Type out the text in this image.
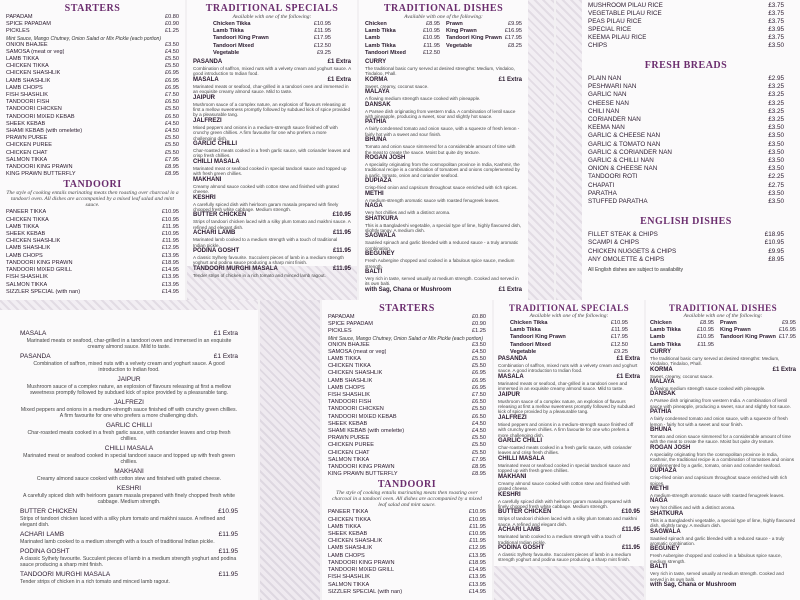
STARTERS
PAPADAM	£0.80
SPICE PAPADAM	£0.90
PICKLES	£1.25
Mint Sauce, Mango Chutney, Onion Salad or Mix Pickle (each portion)
ONION BHAJEE	£3.50
SAMOSA (meat or veg)	£4.50
LAMB TIKKA	£5.50
CHICKEN TIKKA	£5.50
CHICKEN SHASHLIK	£6.95
LAMB SHASHLIK	£6.95
LAMB CHOPS	£6.95
FISH SHASHLIK	£7.50
TANDOORI FISH	£6.50
TANDOORI CHICKEN	£5.50
TANDOORI MIXED KEBAB	£6.50
SHEEK KEBAB	£4.50
SHAMI KEBAB (with omelette)	£4.50
PRAWN PUREE	£5.50
CHICKEN PUREE	£5.50
CHICKEN CHAT	£5.50
SALMON TIKKA	£7.95
TANDOORI KING PRAWN	£8.95
KING PRAWN BUTTERFLY	£8.95
TANDOORI
The style of cooking entails marinating meats then roasting over charcoal in a tandoori oven. All dishes are accompanied by a mixed leaf salad and mint sauce.
PANEER TIKKA	£10.95
CHICKEN TIKKA	£10.95
LAMB TIKKA	£11.95
SHEEK KEBAB	£10.95
CHICKEN SHASHLIK	£11.95
LAMB SHASHLIK	£12.95
LAMB CHOPS	£13.95
TANDOORI KING PRAWN	£18.95
TANDOORI MIXED GRILL	£14.95
FISH SHASHLIK	£13.95
SALMON TIKKA	£13.95
SIZZLER SPECIAL (with nan)	£14.95
TRADITIONAL SPECIALS
Available with one of the following:
Chicken Tikka	£10.95
Lamb Tikka	£11.95
Tandoori King Prawn	£17.95
Tandoori Mixed	£12.50
Vegetable	£9.25
PASANDA	£1 Extra
Combination of saffron, mixed nuts with a velvety cream and yoghurt sauce. A good introduction to Indian food.
MASALA	£1 Extra
Marinated meats or seafood, char-grilled in a tandoori oven and immersed in an exquisite creamy almond sauce. Mild to taste.
JAIPUR
Mushroom sauce of a complex nature, an explosion of flavours releasing at first a mellow sweetness promptly followed by subdued kick of spice provided by a pleasurable tang.
JALFREZI
Mixed peppers and onions in a medium-strength sauce finished off with crunchy green chillies. A firm favourite for one who prefers a more challenging dish.
GARLIC CHILLI
Char-roasted meats cooked in a fresh garlic sauce, with coriander leaves and crisp fresh chillies.
CHILLI MASALA
Marinated meat or seafood cooked in special tandoori sauce and topped up with fresh green chillies.
MAKHANI
Creamy almond sauce cooked with cotton stew and finished with grated cheese.
KESHRI
A carefully spiced dish with heirloom garam masala prepared with finely chopped fresh white cabbage. Medium strength.
BUTTER CHICKEN	£10.95
Strips of tandoori chicken laced with a silky plum tomato and makhni sauce. A refined and elegant dish.
ACHARI LAMB	£11.95
Marinated lamb cooked to a medium strength with a touch of traditional Indian pickle.
PODINA GOSHT	£11.95
A classic Sylhety favourite. Succulent pieces of lamb in a medium strength yoghurt and podina sauce producing a sharp mint finish.
TANDOORI MURGHI MASALA	£11.95
Tender strips of chicken in a rich tomato and minced lamb ragout.
TRADITIONAL DISHES
Available with one of the following:
Chicken	£8.95
Lamb Tikka	£10.95
Lamb	£10.95
Lamb Tikka	£11.95
Tandoori Mixed	£12.50
Prawn	£9.95
King Prawn	£16.95
Tandoori King Prawn £17.95
Vegetable	£8.25
CURRY
The traditional basic curry served at desired strengths: Medium, Vindaloo, Tindaloo, Phall.
KORMA	£1 Extra
Sweet, creamy, coconut sauce.
MALAYA
A flowing medium strength sauce cooked with pineapple.
DANSAK
A Parsee dish originating from western India. A combination of lentil sauce with pineapple, producing a sweet, sour and slightly hot sauce.
PATHIA
A fairly condensed tomato and onion sauce, with a squeeze of fresh lemon - fairly hot with a sweet and sour finish.
BHUNA
Tomato and onion sauce simmered for a considerable amount of time with the meat to create the sauce. Moist but quite dry texture.
ROGAN JOSH
A speciality originating from the cosmopolitan province in India, Kashmir, the traditional recipe is a combination of tomatoes and onions complemented by a garlic, tomato, onion and coriander seafood.
DUPIAZA
Crisp-fried onion and capsicum throughout sauce enriched with rich spices.
METHI
A medium-strength aromatic sauce with roasted fenugreek leaves.
NAGA
Very hot chillies and with a distinct aroma.
SHATKURA
This is a Bangladeshi vegetable, a special type of lime, highly flavoured dish, slightly tangy. A medium dish.
SAGWALA
Sautéed spinach and garlic blended with a reduced sauce - a truly aromatic combination.
BEGUNEY
Fresh Aubergine chopped and cooked in a fabulous spice sauce, medium strength.
BALTI
Very rich in taste, served usually at medium strength. Cooked and served in its own balti.
with Sag, Chana or Mushroom	£1 Extra
MUSHROOM PILAU RICE	£3.75
VEGETABLE PILAU RICE	£3.75
PEAS PILAU RICE	£3.75
SPECIAL RICE	£3.95
KEEMA PILAU RICE	£3.75
CHIPS	£3.50
FRESH BREADS
PLAIN NAN	£2.95
PESHWARI NAN	£3.25
GARLIC NAN	£3.25
CHEESE NAN	£3.25
CHILI NAN	£3.25
CORIANDER NAN	£3.25
KEEMA NAN	£3.50
GARLIC & CHEESE NAN	£3.50
GARLIC & TOMATO NAN	£3.50
GARLIC & CORIANDER NAN	£3.50
GARLIC & CHILLI NAN	£3.50
ONION & CHEESE NAN	£3.50
TANDOORI ROTI	£2.25
CHAPATI	£2.75
PARATHA	£3.50
STUFFED PARATHA	£3.50
ENGLISH DISHES
FILLET STEAK & CHIPS	£18.95
SCAMPI & CHIPS	£10.95
CHICKEN NUGGETS & CHIPS	£9.95
ANY OMOLETTE & CHIPS	£8.95
All English dishes are subject to availability
MASALA	£1 Extra
Marinated meats or seafood, char-grilled in a tandoori oven and immersed in an exquisite creamy almond sauce. Mild to taste.
PASANDA	£1 Extra
Combination of saffron, mixed nuts with a velvety cream and yoghurt sauce. A good introduction to Indian food.
JAIPUR
Mushroom sauce of a complex nature, an explosion of flavours releasing at first a mellow sweetness promptly followed by subdued kick of spice provided by a pleasurable tang.
JALFREZI
Mixed peppers and onions in a medium-strength sauce finished off with crunchy green chillies. A firm favourite for one who prefers a more challenging dish.
GARLIC CHILLI
Char-roasted meats cooked in a fresh garlic sauce, with coriander leaves and crisp fresh chillies.
CHILLI MASALA
Marinated meat or seafood cooked in special tandoori sauce and topped up with fresh green chillies.
MAKHANI
Creamy almond sauce cooked with cotton stew and finished with grated cheese.
KESHRI
A carefully spiced dish with heirloom garam masala prepared with finely chopped fresh white cabbage. Medium strength.
BUTTER CHICKEN	£10.95
Strips of tandoori chicken laced with a silky plum tomato and makhni sauce. A refined and elegant dish.
ACHARI LAMB	£11.95
Marinated lamb cooked to a medium strength with a touch of traditional Indian pickle.
PODINA GOSHT	£11.95
A classic Sylhety favourite. Succulent pieces of lamb in a medium strength yoghurt and podina sauce producing a sharp mint finish.
TANDOORI MURGHI MASALA	£11.95
Tender strips of chicken in a rich tomato and minced lamb ragout.
STARTERS
PAPADAM	£0.80
SPICE PAPADAM	£0.90
PICKLES	£1.25
Mint Sauce, Mango Chutney, Onion Salad or Mix Pickle (each portion)
ONION BHAJEE	£3.50
SAMOSA (meat or veg)	£4.50
LAMB TIKKA	£5.50
CHICKEN TIKKA	£5.50
CHICKEN SHASHLIK	£6.95
LAMB SHASHLIK	£6.95
LAMB CHOPS	£6.95
FISH SHASHLIK	£7.50
TANDOORI FISH	£6.50
TANDOORI CHICKEN	£5.50
TANDOORI MIXED KEBAB	£6.50
SHEEK KEBAB	£4.50
SHAMI KEBAB (with omelette)	£4.50
PRAWN PUREE	£5.50
CHICKEN PUREE	£5.50
CHICKEN CHAT	£5.50
SALMON TIKKA	£7.95
TANDOORI KING PRAWN	£8.95
KING PRAWN BUTTERFLY	£8.95
TANDOORI
The style of cooking entails marinating meats then roasting over charcoal in a tandoori oven. All dishes are accompanied by a mixed leaf salad and mint sauce.
PANEER TIKKA	£10.95
CHICKEN TIKKA	£10.95
LAMB TIKKA	£11.95
SHEEK KEBAB	£10.95
CHICKEN SHASHLIK	£11.95
LAMB SHASHLIK	£12.95
LAMB CHOPS	£13.95
TANDOORI KING PRAWN	£18.95
TANDOORI MIXED GRILL	£14.95
FISH SHASHLIK	£13.95
SALMON TIKKA	£13.95
SIZZLER SPECIAL (with nan)	£14.95
TRADITIONAL SPECIALS
Available with one of the following:
Chicken Tikka	£10.95
Lamb Tikka	£11.95
Tandoori King Prawn	£17.95
Tandoori Mixed	£12.50
Vegetable	£9.25
PASANDA	£1 Extra
Combination of saffron, mixed nuts with a velvety cream and yoghurt sauce. A good introduction to Indian food.
MASALA	£1 Extra
Marinated meats or seafood, char-grilled in a tandoori oven and immersed in an exquisite creamy almond sauce. Mild to taste.
JAIPUR
Mushroom sauce of a complex nature, an explosion of flavours releasing at first a mellow sweetness promptly followed by subdued kick of spice provided by a pleasurable tang.
JALFREZI
Mixed peppers and onions in a medium-strength sauce finished off with crunchy green chillies. A firm favourite for one who prefers a more challenging dish.
GARLIC CHILLI
Char-roasted meats cooked in a fresh garlic sauce, with coriander leaves and crisp fresh chillies.
CHILLI MASALA
Marinated meat or seafood cooked in special tandoori sauce and topped up with fresh green chillies.
MAKHANI
Creamy almond sauce cooked with cotton stew and finished with grated cheese.
KESHRI
A carefully spiced dish with heirloom garam masala prepared with finely chopped fresh white cabbage. Medium strength.
BUTTER CHICKEN	£10.95
Strips of tandoori chicken laced with a silky plum tomato and makhni sauce. A refined and elegant dish.
ACHARI LAMB	£11.95
Marinated lamb cooked to a medium strength with a touch of traditional Indian pickle.
PODINA GOSHT	£11.95
A classic Sylhety favourite. Succulent pieces of lamb in a medium strength yoghurt and podina sauce producing a sharp mint finish.
TRADITIONAL DISHES
Available with one of the following:
Chicken	£8.95
Lamb Tikka	£10.95
Lamb	£10.95
Lamb Tikka	£11.95
Prawn	£9.95
King Prawn	£16.95
Tandoori King Prawn £17.95
CURRY
The traditional basic curry served at desired strengths: Medium, Vindaloo, Tindaloo, Phall.
KORMA	£1 Extra
Sweet, creamy, coconut sauce.
MALAYA
A flowing medium strength sauce cooked with pineapple.
DANSAK
A Parsee dish originating from western India. A combination of lentil sauce with pineapple, producing a sweet, sour and slightly hot sauce.
PATHIA
A fairly condensed tomato and onion sauce, with a squeeze of fresh lemon - fairly hot with a sweet and sour finish.
BHUNA
Tomato and onion sauce simmered for a considerable amount of time with the meat to create the sauce. Moist but quite dry texture.
ROGAN JOSH
A speciality originating from the cosmopolitan province in India, Kashmir, the traditional recipe is a combination of tomatoes and onions complemented by a garlic, tomato, onion and coriander seafood.
DUPIAZA
Crisp-fried onion and capsicum throughout sauce enriched with rich spices.
METHI
A medium-strength aromatic sauce with roasted fenugreek leaves.
NAGA
Very hot chillies and with a distinct aroma.
SHATKURA
This is a Bangladeshi vegetable, a special type of lime, highly flavoured dish, slightly tangy. A medium dish.
SAGWALA
Sautéed spinach and garlic blended with a reduced sauce - a truly aromatic combination.
BEGUNEY
Fresh Aubergine chopped and cooked in a fabulous spice sauce, medium strength.
BALTI
Very rich in taste, served usually at medium strength. Cooked and served in its own balti.
with Sag, Chana or Mushroom
